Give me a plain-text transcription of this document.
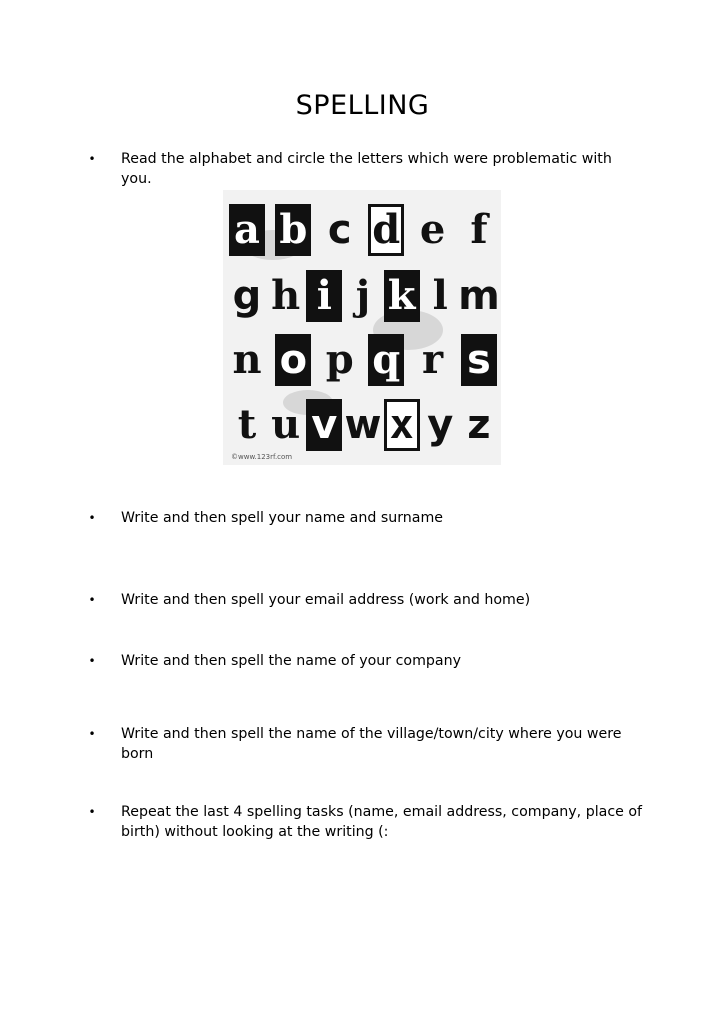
SPELLING
• Read the alphabet and circle the letters which were problematic with you.
a b c d e f
g h i j k l m
n o p q r s
t u v w x y z
©www.123rf.com
• Write and then spell your name and surname
• Write and then spell your email address (work and home)
• Write and then spell the name of your company
• Write and then spell the name of the village/town/city where you were born
• Repeat the last 4 spelling tasks (name, email address, company, place of birth) without looking at the writing (:
